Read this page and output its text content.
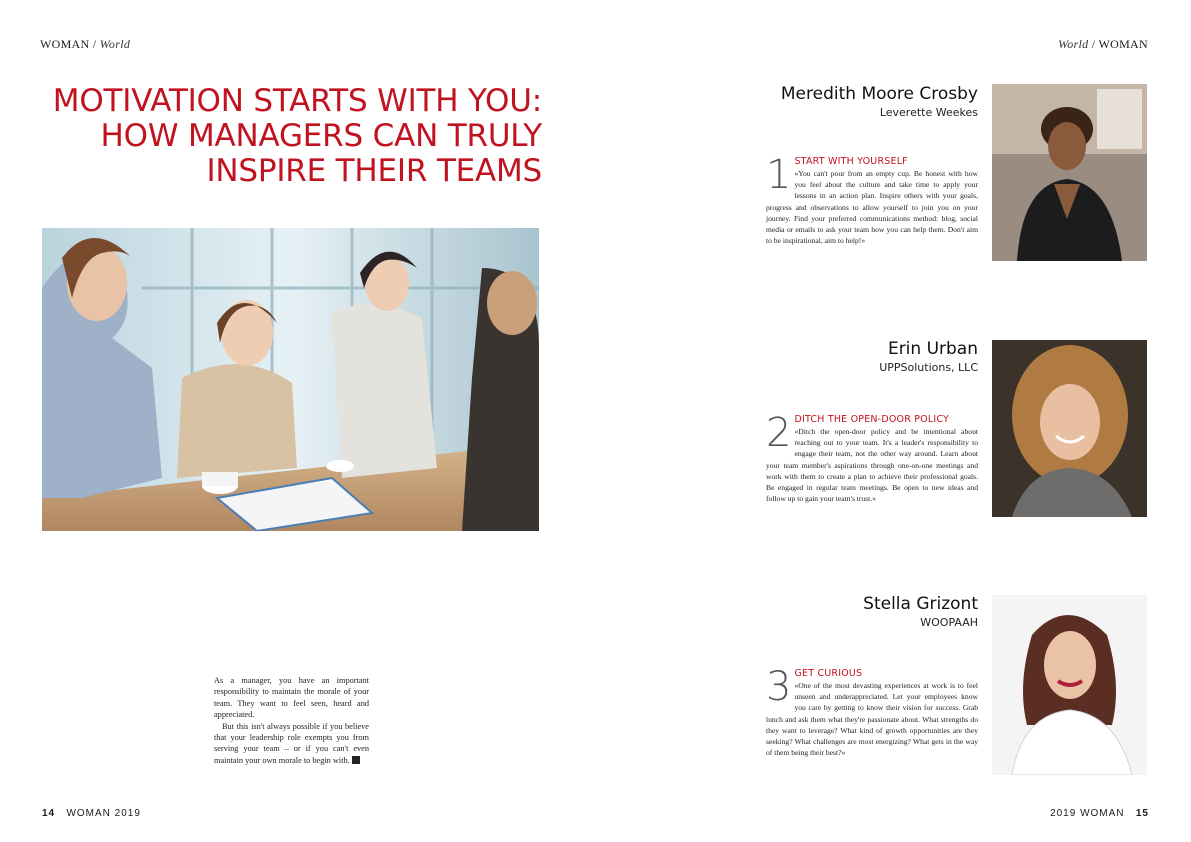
WOMAN / World
MOTIVATION STARTS WITH YOU:
HOW MANAGERS CAN TRULY
INSPIRE THEIR TEAMS

As a manager, you have an important responsibility to maintain the morale of your team. They want to feel seen, heard and appreciated.

But this isn't always possible if you believe that your leadership role exempts you from serving your team – or if you can't even maintain your own morale to begin with.

14 WOMAN 2019
World / WOMAN
Meredith Moore Crosby
Leverette Weekes
1 START WITH YOURSELF
«You can't pour from an empty cup. Be honest with how you feel about the culture and take time to apply your lessons in an action plan. Inspire others with your goals, progress and observations to allow yourself to join you on your journey. Find your preferred communications method: blog, social media or emails to ask your team how you can help them. Don't aim to be inspirational, aim to help!»
Erin Urban
UPPSolutions, LLC
2 DITCH THE OPEN-DOOR POLICY
«Ditch the open-door policy and be intentional about reaching out to your team. It's a leader's responsibility to engage their team, not the other way around. Learn about your team member's aspirations through one-on-one meetings and work with them to create a plan to achieve their professional goals. Be engaged in regular team meetings. Be open to new ideas and follow up to gain your team's trust.»
Stella Grizont
WOOPAAH
3 GET CURIOUS
«One of the most devasting experiences at work is to feel unseen and underappreciated. Let your employees know you care by getting to know their vision for success. Grab lunch and ask them what they're passionate about. What strengths do they want to leverage? What kind of growth opportunities are they seeking? What challenges are most energizing? What gets in the way of them being their best?»
2019 WOMAN 15
